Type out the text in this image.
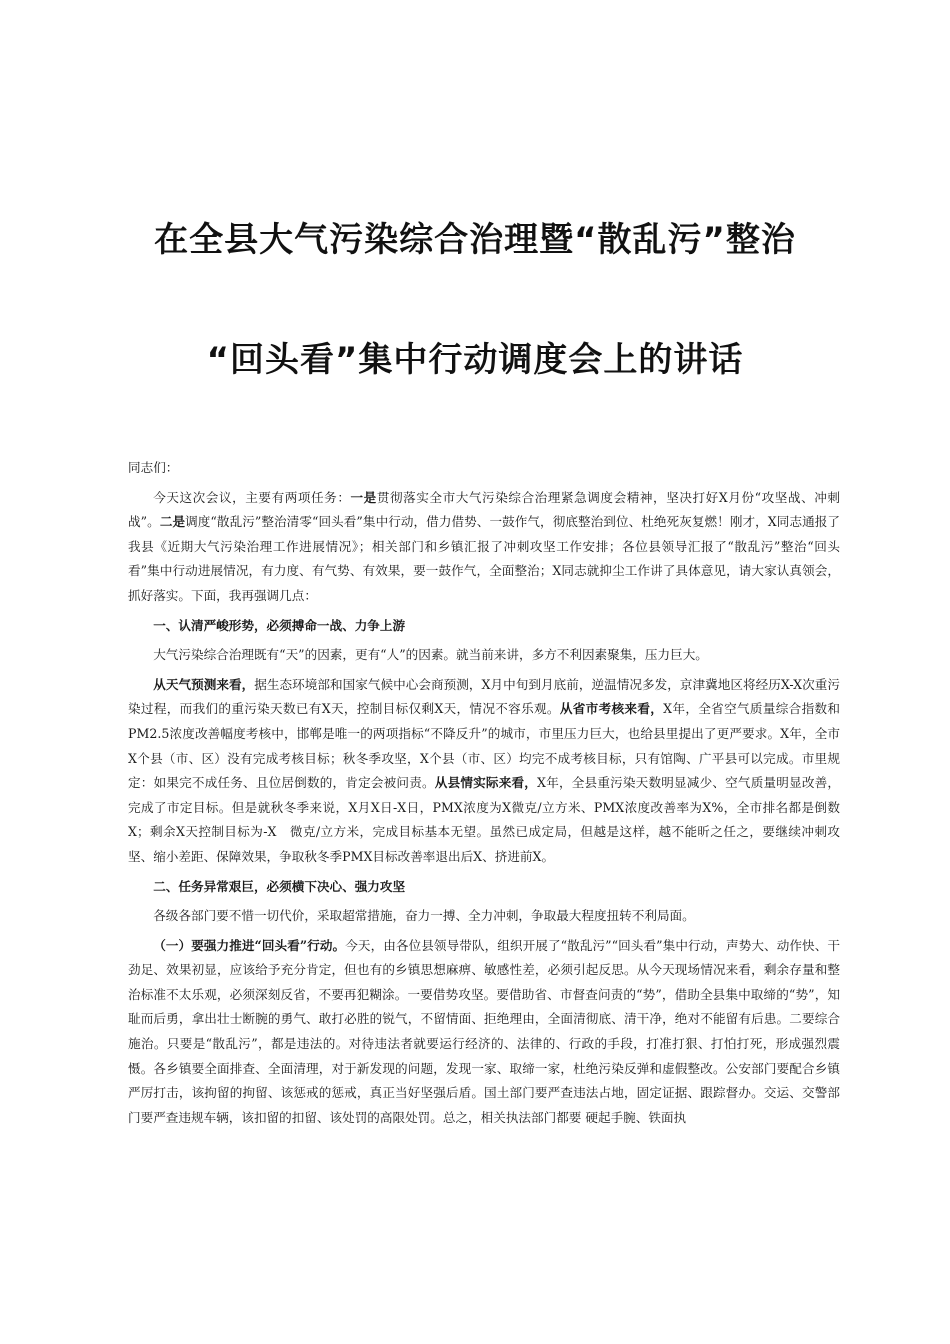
在全县大气污染综合治理暨“散乱污”整治
“回头看”集中行动调度会上的讲话

同志们：

今天这次会议，主要有两项任务：一是贯彻落实全市大气污染综合治理紧急调度会精神，坚决打好X月份“攻坚战、冲刺战”。二是调度“散乱污”整治清零“回头看”集中行动，借力借势、一鼓作气，彻底整治到位、杜绝死灰复燃！刚才，X同志通报了我县《近期大气污染治理工作进展情况》；相关部门和乡镇汇报了冲刺攻坚工作安排；各位县领导汇报了“散乱污”整治“回头看”集中行动进展情况，有力度、有气势、有效果，要一鼓作气，全面整治；X同志就抑尘工作讲了具体意见，请大家认真领会，抓好落实。下面，我再强调几点：

一、认清严峻形势，必须搏命一战、力争上游

大气污染综合治理既有“天”的因素，更有“人”的因素。就当前来讲，多方不利因素聚集，压力巨大。

从天气预测来看，据生态环境部和国家气候中心会商预测，X月中旬到月底前，逆温情况多发，京津冀地区将经历X-X次重污染过程，而我们的重污染天数已有X天，控制目标仅剩X天，情况不容乐观。从省市考核来看，X年，全省空气质量综合指数和PM2.5浓度改善幅度考核中，邯郸是唯一的两项指标“不降反升”的城市，市里压力巨大，也给县里提出了更严要求。X年，全市X个县（市、区）没有完成考核目标；秋冬季攻坚，X个县（市、区）均完不成考核目标，只有馆陶、广平县可以完成。市里规定：如果完不成任务、且位居倒数的，肯定会被问责。从县情实际来看，X年，全县重污染天数明显减少、空气质量明显改善，完成了市定目标。但是就秋冬季来说，X月X日-X日，PMX浓度为X微克/立方米、PMX浓度改善率为X%，全市排名都是倒数X；剩余X天控制目标为-X　微克/立方米，完成目标基本无望。虽然已成定局，但越是这样，越不能昕之任之，要继续冲刺攻坚、缩小差距、保障效果，争取秋冬季PMX目标改善率退出后X、挤进前X。

二、任务异常艰巨，必须横下决心、强力攻坚

各级各部门要不惜一切代价，采取超常措施，奋力一搏、全力冲刺，争取最大程度扭转不利局面。

（一）要强力推进“回头看”行动。今天，由各位县领导带队，组织开展了“散乱污”“回头看”集中行动，声势大、动作快、干劲足、效果初显，应该给予充分肯定，但也有的乡镇思想麻痹、敏感性差，必须引起反思。从今天现场情况来看，剩余存量和整治标准不太乐观，必须深刻反省，不要再犯糊涂。一要借势攻坚。要借助省、市督查问责的“势”，借助全县集中取缔的“势”，知耻而后勇，拿出壮士断腕的勇气、敢打必胜的锐气，不留情面、拒绝理由，全面清彻底、清干净，绝对不能留有后患。二要综合施治。只要是“散乱污”，都是违法的。对待违法者就要运行经济的、法律的、行政的手段，打准打狠、打怕打死，形成强烈震慑。各乡镇要全面排查、全面清理，对于新发现的问题，发现一家、取缔一家，杜绝污染反弹和虚假整改。公安部门要配合乡镇严厉打击，该拘留的拘留、该惩戒的惩戒，真正当好坚强后盾。国土部门要严查违法占地，固定证据、跟踪督办。交运、交警部门要严查违规车辆，该扣留的扣留、该处罚的高限处罚。总之，相关执法部门都要 硬起手腕、铁面执
